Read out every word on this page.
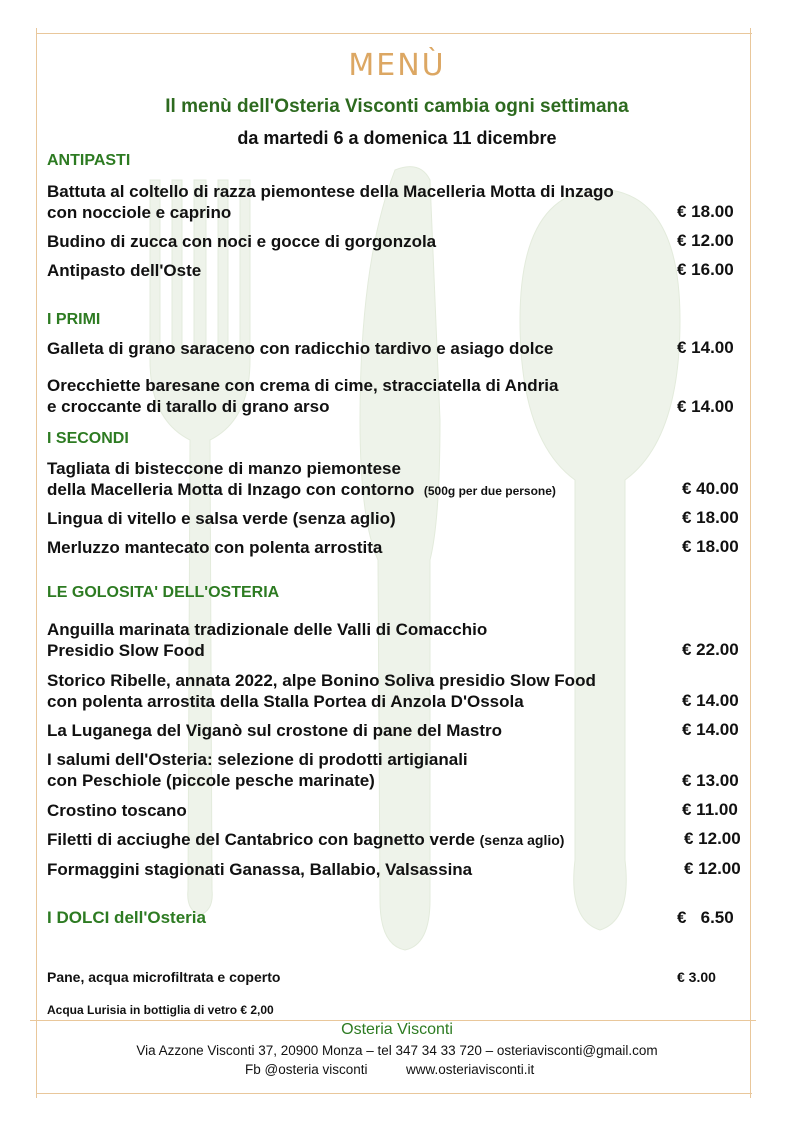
MENÙ
Il menù dell'Osteria Visconti cambia ogni settimana
da martedi 6 a domenica 11 dicembre
ANTIPASTI
Battuta al coltello di razza piemontese della Macelleria Motta di Inzago
con nocciole e caprino	€ 18.00
Budino di zucca con noci e gocce di gorgonzola	€ 12.00
Antipasto dell'Oste	€ 16.00
I PRIMI
Galleta di grano saraceno con radicchio tardivo e asiago dolce	€ 14.00
Orecchiette baresane con crema di cime, stracciatella di Andria
e croccante di tarallo di grano arso	€ 14.00
I SECONDI
Tagliata di bisteccone di manzo piemontese
della Macelleria Motta di Inzago con contorno (500g per due persone)	€ 40.00
Lingua di vitello e salsa verde (senza aglio)	€ 18.00
Merluzzo mantecato con polenta arrostita	€ 18.00
LE GOLOSITA' DELL'OSTERIA
Anguilla marinata tradizionale delle Valli di Comacchio
Presidio Slow Food	€ 22.00
Storico Ribelle, annata 2022, alpe Bonino Soliva presidio Slow Food
con polenta arrostita della Stalla Portea di Anzola D'Ossola	€ 14.00
La Luganega del Viganò sul crostone di pane del Mastro	€ 14.00
I salumi dell'Osteria: selezione di prodotti artigianali
con Peschiole (piccole pesche marinate)	€ 13.00
Crostino toscano	€ 11.00
Filetti di acciughe del Cantabrico con bagnetto verde (senza aglio)	€ 12.00
Formaggini stagionati Ganassa, Ballabio, Valsassina	€ 12.00
I DOLCI dell'Osteria	€   6.50
Pane, acqua microfiltrata e coperto	€ 3.00
Acqua Lurisia in bottiglia di vetro € 2,00
Osteria Visconti
Via Azzone Visconti 37, 20900 Monza – tel 347 34 33 720 – osteriavisconti@gmail.com
Fb @osteria visconti	www.osteriavisconti.it
